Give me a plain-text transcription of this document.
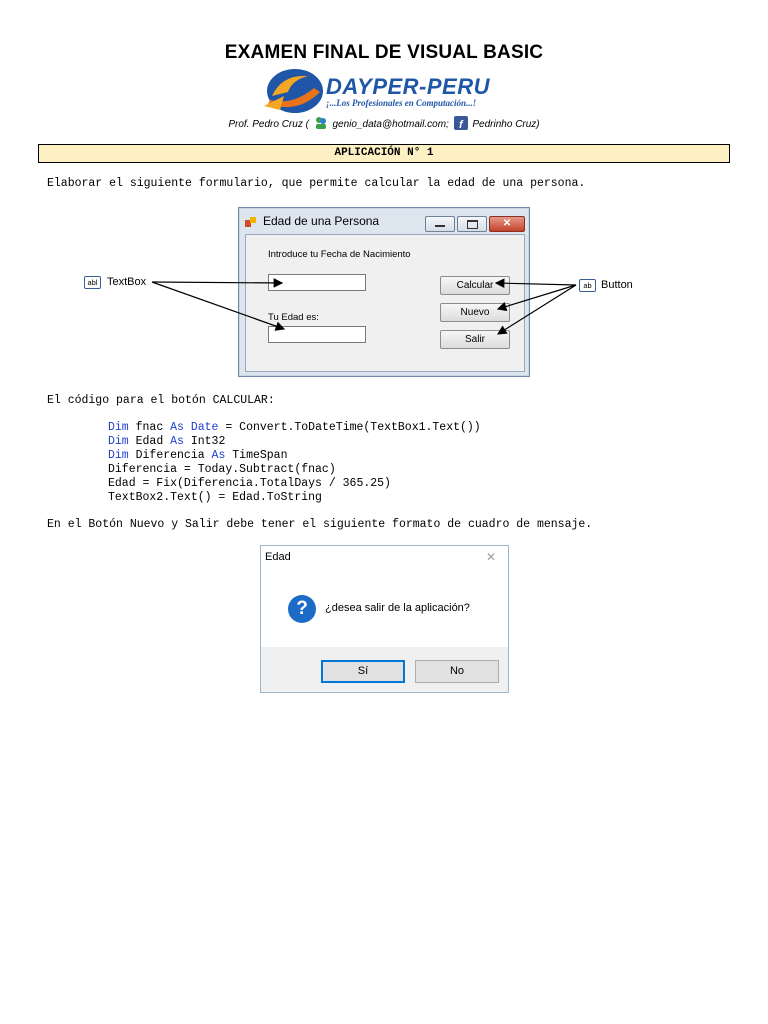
EXAMEN FINAL DE VISUAL BASIC
DAYPER-PERU
¡...Los Profesionales en Computación...!
Prof. Pedro Cruz ( genio_data@hotmail.com; f Pedrinho Cruz)
APLICACIÓN N° 1
Elaborar el siguiente formulario, que permite calcular la edad de una persona.
Edad de una Persona	✕
Introduce tu Fecha de Nacimiento
Tu Edad es:
Calcular
Nuevo
Salir
abl TextBox	ab Button
El código para el botón CALCULAR:
Dim fnac As Date = Convert.ToDateTime(TextBox1.Text())
Dim Edad As Int32
Dim Diferencia As TimeSpan
Diferencia = Today.Subtract(fnac)
Edad = Fix(Diferencia.TotalDays / 365.25)
TextBox2.Text() = Edad.ToString
En el Botón Nuevo y Salir debe tener el siguiente formato de cuadro de mensaje.
Edad	✕
?	¿desea salir de la aplicación?
Sí	No
